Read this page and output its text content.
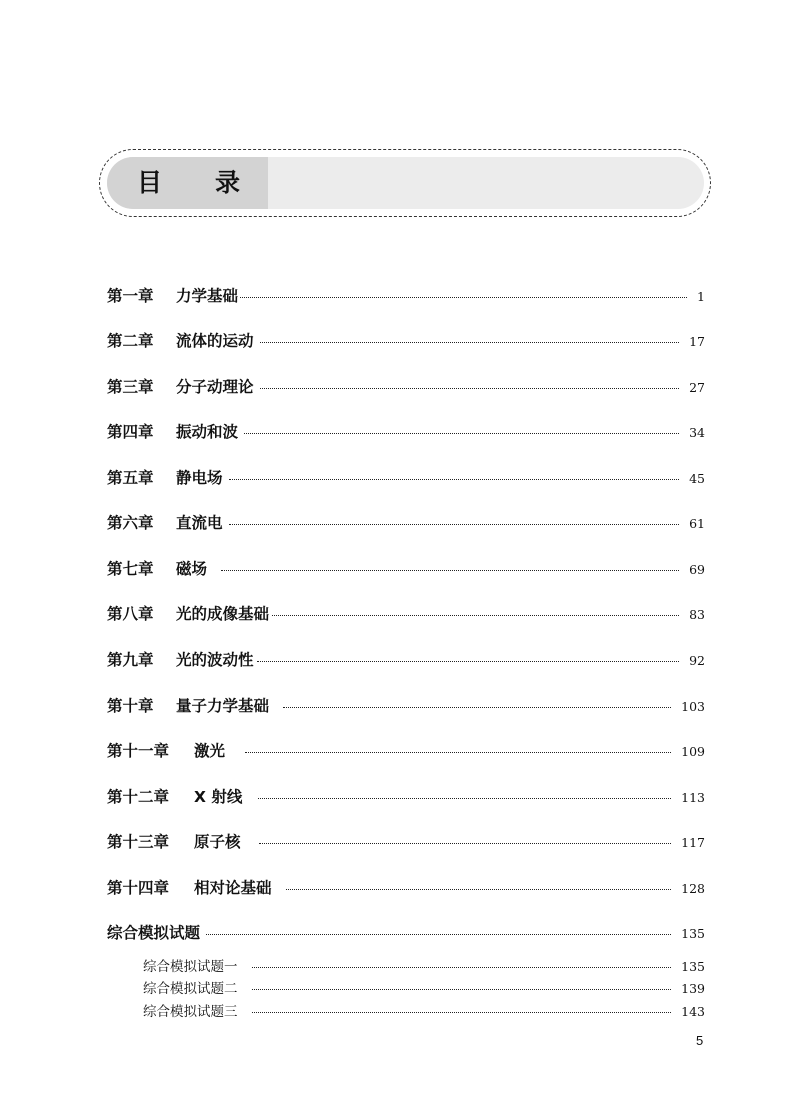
目 录
第一章	力学基础	1
第二章	流体的运动	17
第三章	分子动理论	27
第四章	振动和波	34
第五章	静电场	45
第六章	直流电	61
第七章	磁场	69
第八章	光的成像基础	83
第九章	光的波动性	92
第十章	量子力学基础	103
第十一章	激光	109
第十二章	X 射线	113
第十三章	原子核	117
第十四章	相对论基础	128
综合模拟试题	135
综合模拟试题一	135
综合模拟试题二	139
综合模拟试题三	143
5
